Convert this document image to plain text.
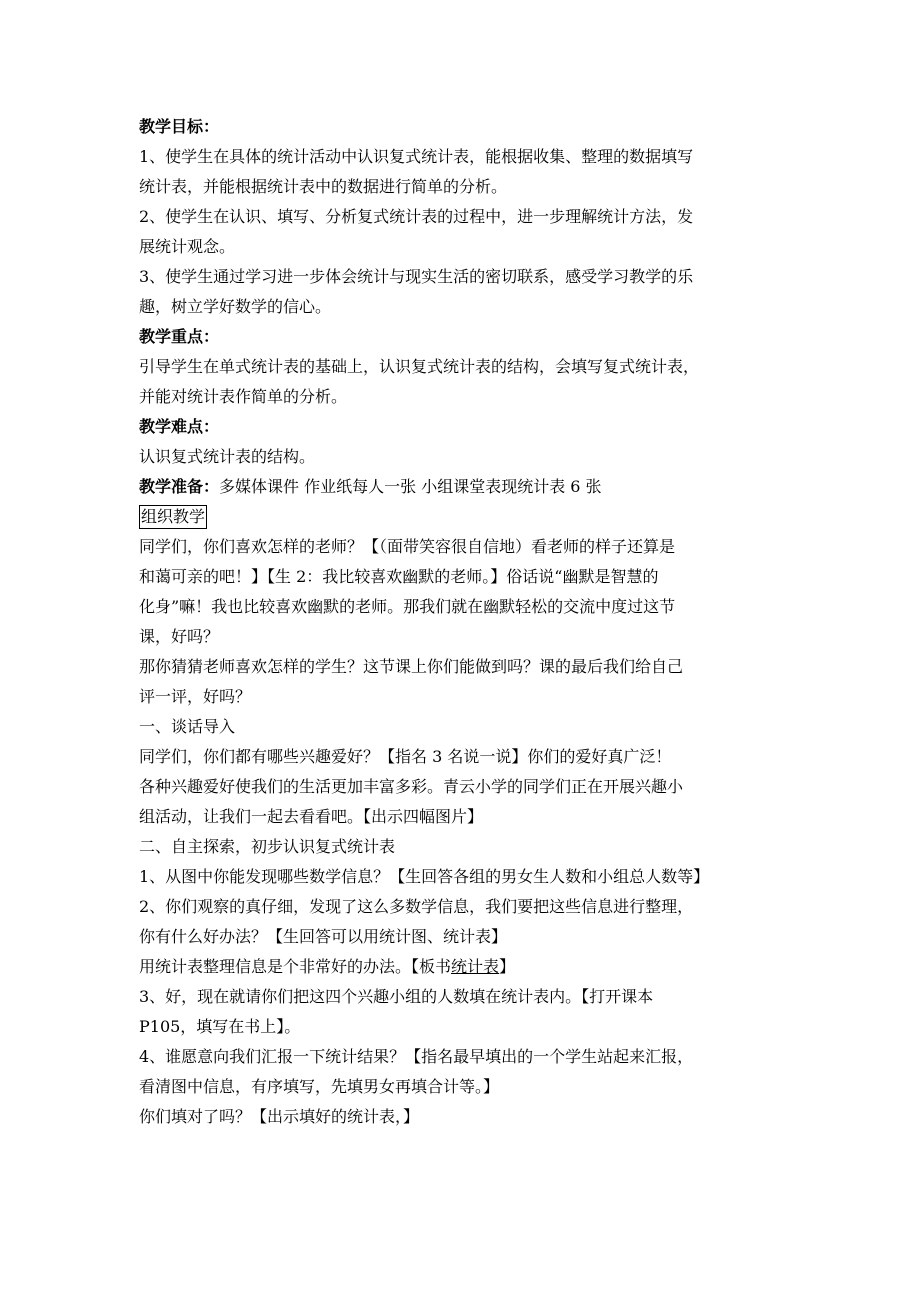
教学目标：
1、使学生在具体的统计活动中认识复式统计表，能根据收集、整理的数据填写
统计表，并能根据统计表中的数据进行简单的分析。
2、使学生在认识、填写、分析复式统计表的过程中，进一步理解统计方法，发
展统计观念。
3、使学生通过学习进一步体会统计与现实生活的密切联系，感受学习教学的乐
趣，树立学好数学的信心。
教学重点：
引导学生在单式统计表的基础上，认识复式统计表的结构，会填写复式统计表，
并能对统计表作简单的分析。
教学难点：
认识复式统计表的结构。
教学准备：多媒体课件 作业纸每人一张 小组课堂表现统计表 6 张
组织教学
同学们，你们喜欢怎样的老师？【（面带笑容很自信地）看老师的样子还算是
和蔼可亲的吧！】【生 2：我比较喜欢幽默的老师。】俗话说“幽默是智慧的
化身”嘛！我也比较喜欢幽默的老师。那我们就在幽默轻松的交流中度过这节
课，好吗？
那你猜猜老师喜欢怎样的学生？这节课上你们能做到吗？课的最后我们给自己
评一评，好吗？
一、谈话导入
同学们，你们都有哪些兴趣爱好？【指名 3 名说一说】你们的爱好真广泛！
各种兴趣爱好使我们的生活更加丰富多彩。青云小学的同学们正在开展兴趣小
组活动，让我们一起去看看吧。【出示四幅图片】
二、自主探索，初步认识复式统计表
1、从图中你能发现哪些数学信息？【生回答各组的男女生人数和小组总人数等】
2、你们观察的真仔细，发现了这么多数学信息，我们要把这些信息进行整理，
你有什么好办法？【生回答可以用统计图、统计表】
用统计表整理信息是个非常好的办法。【板书统计表】
3、好，现在就请你们把这四个兴趣小组的人数填在统计表内。【打开课本
P105，填写在书上】。
4、谁愿意向我们汇报一下统计结果？【指名最早填出的一个学生站起来汇报，
看清图中信息，有序填写，先填男女再填合计等。】
你们填对了吗？【出示填好的统计表，】
